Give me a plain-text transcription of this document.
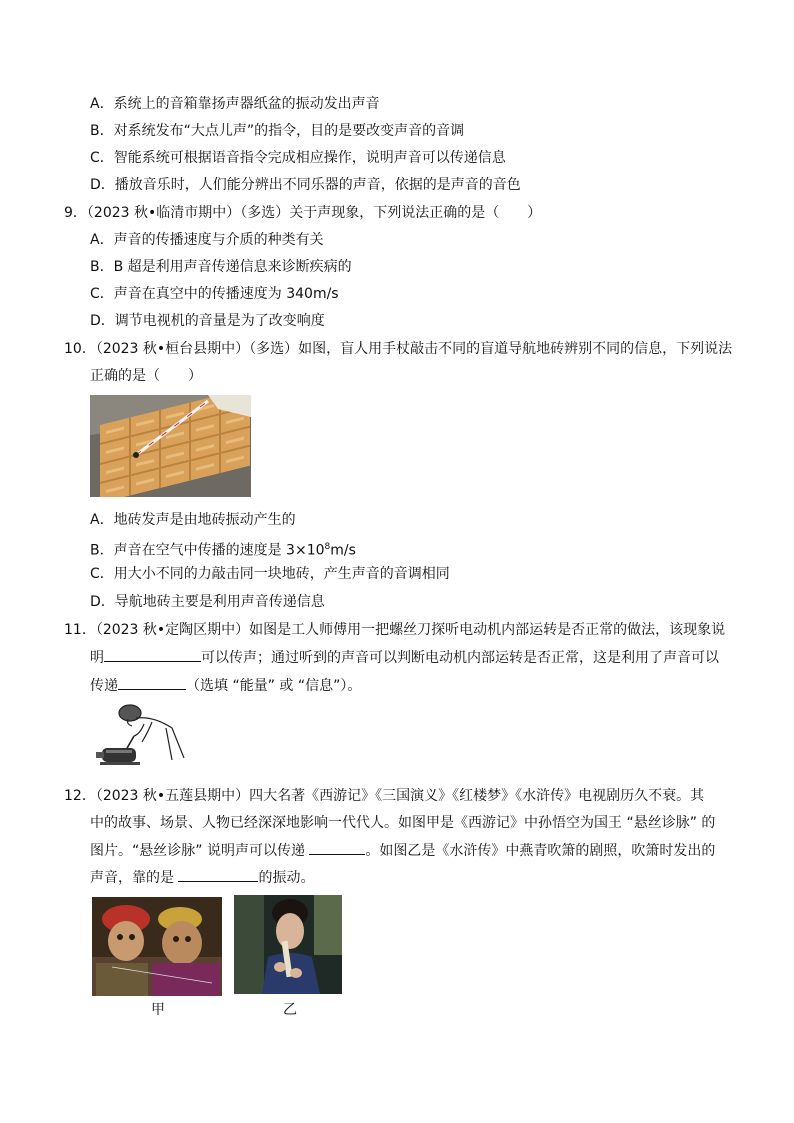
A．系统上的音箱靠扬声器纸盆的振动发出声音
B．对系统发布“大点儿声”的指令，目的是要改变声音的音调
C．智能系统可根据语音指令完成相应操作，说明声音可以传递信息
D．播放音乐时，人们能分辨出不同乐器的声音，依据的是声音的音色
9．（2023 秋•临清市期中）（多选）关于声现象，下列说法正确的是（　　）
A．声音的传播速度与介质的种类有关
B．B 超是利用声音传递信息来诊断疾病的
C．声音在真空中的传播速度为 340m/s
D．调节电视机的音量是为了改变响度
10．（2023 秋•桓台县期中）（多选）如图，盲人用手杖敲击不同的盲道导航地砖辨别不同的信息，下列说法
正确的是（　　）
A．地砖发声是由地砖振动产生的
B．声音在空气中传播的速度是 $3\times 10^8m/s$
C．用大小不同的力敲击同一块地砖，产生声音的音调相同
D．导航地砖主要是利用声音传递信息
11．（2023 秋•定陶区期中）如图是工人师傅用一把螺丝刀探听电动机内部运转是否正常的做法，该现象说
明	可以传声；通过听到的声音可以判断电动机内部运转是否正常，这是利用了声音可以
传递	（选填 “能量” 或 “信息”）。
12．（2023 秋•五莲县期中）四大名著《西游记》《三国演义》《红楼梦》《水浒传》电视剧历久不衰。其
中的故事、场景、人物已经深深地影响一代代人。如图甲是《西游记》中孙悟空为国王 “悬丝诊脉” 的
图片。“悬丝诊脉” 说明声可以传递	。如图乙是《水浒传》中燕青吹箫的剧照，吹箫时发出的
声音，靠的是	的振动。
甲	乙
